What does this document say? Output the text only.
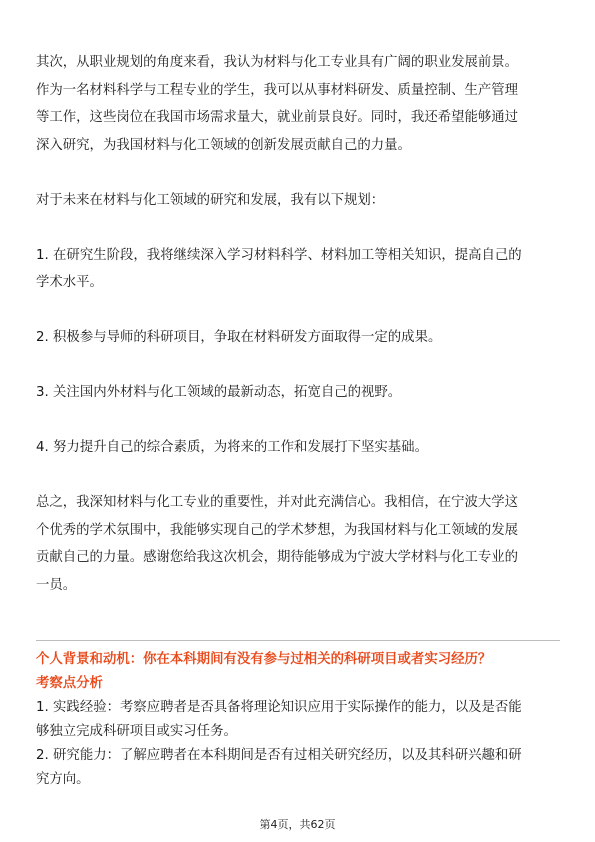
其次，从职业规划的角度来看，我认为材料与化工专业具有广阔的职业发展前景。
作为一名材料科学与工程专业的学生，我可以从事材料研发、质量控制、生产管理
等工作，这些岗位在我国市场需求量大，就业前景良好。同时，我还希望能够通过
深入研究，为我国材料与化工领域的创新发展贡献自己的力量。

对于未来在材料与化工领域的研究和发展，我有以下规划：

1. 在研究生阶段，我将继续深入学习材料科学、材料加工等相关知识，提高自己的
学术水平。

2. 积极参与导师的科研项目，争取在材料研发方面取得一定的成果。

3. 关注国内外材料与化工领域的最新动态，拓宽自己的视野。

4. 努力提升自己的综合素质，为将来的工作和发展打下坚实基础。

总之，我深知材料与化工专业的重要性，并对此充满信心。我相信，在宁波大学这
个优秀的学术氛围中，我能够实现自己的学术梦想，为我国材料与化工领域的发展
贡献自己的力量。感谢您给我这次机会，期待能够成为宁波大学材料与化工专业的
一员。

个人背景和动机：你在本科期间有没有参与过相关的科研项目或者实习经历？

考察点分析

1. 实践经验：考察应聘者是否具备将理论知识应用于实际操作的能力，以及是否能
够独立完成科研项目或实习任务。

2. 研究能力：了解应聘者在本科期间是否有过相关研究经历，以及其科研兴趣和研
究方向。

第4页，共62页
